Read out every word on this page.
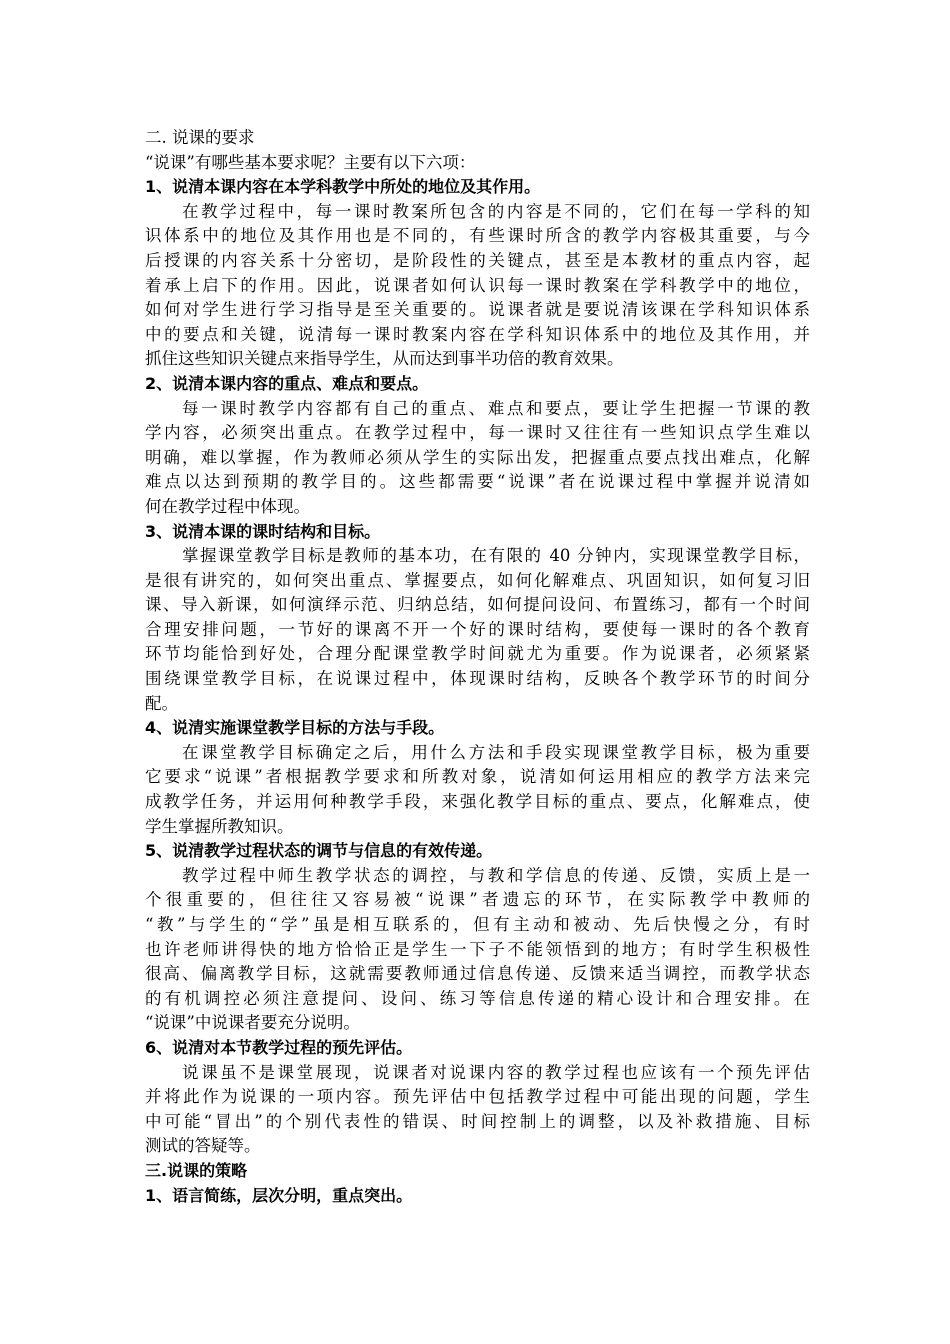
二. 说课的要求
“说课”有哪些基本要求呢？主要有以下六项：
1、说清本课内容在本学科教学中所处的地位及其作用。
在教学过程中，每一课时教案所包含的内容是不同的，它们在每一学科的知
识体系中的地位及其作用也是不同的，有些课时所含的教学内容极其重要，与今
后授课的内容关系十分密切，是阶段性的关键点，甚至是本教材的重点内容，起
着承上启下的作用。因此，说课者如何认识每一课时教案在学科教学中的地位，
如何对学生进行学习指导是至关重要的。说课者就是要说清该课在学科知识体系
中的要点和关键，说清每一课时教案内容在学科知识体系中的地位及其作用，并
抓住这些知识关键点来指导学生，从而达到事半功倍的教育效果。
2、说清本课内容的重点、难点和要点。
每一课时教学内容都有自己的重点、难点和要点，要让学生把握一节课的教
学内容，必须突出重点。在教学过程中，每一课时又往往有一些知识点学生难以
明确，难以掌握，作为教师必须从学生的实际出发，把握重点要点找出难点，化解
难点以达到预期的教学目的。这些都需要“说课”者在说课过程中掌握并说清如
何在教学过程中体现。
3、说清本课的课时结构和目标。
掌握课堂教学目标是教师的基本功，在有限的 40 分钟内，实现课堂教学目标，
是很有讲究的，如何突出重点、掌握要点，如何化解难点、巩固知识，如何复习旧
课、导入新课，如何演绎示范、归纳总结，如何提问设问、布置练习，都有一个时间
合理安排问题，一节好的课离不开一个好的课时结构，要使每一课时的各个教育
环节均能恰到好处，合理分配课堂教学时间就尤为重要。作为说课者，必须紧紧
围绕课堂教学目标，在说课过程中，体现课时结构，反映各个教学环节的时间分
配。
4、说清实施课堂教学目标的方法与手段。
在课堂教学目标确定之后，用什么方法和手段实现课堂教学目标，极为重要
它要求“说课”者根据教学要求和所教对象，说清如何运用相应的教学方法来完
成教学任务，并运用何种教学手段，来强化教学目标的重点、要点，化解难点，使
学生掌握所教知识。
5、说清教学过程状态的调节与信息的有效传递。
教学过程中师生教学状态的调控，与教和学信息的传递、反馈，实质上是一
个很重要的，但往往又容易被“说课”者遗忘的环节，在实际教学中教师的
“教”与学生的“学”虽是相互联系的，但有主动和被动、先后快慢之分，有时
也许老师讲得快的地方恰恰正是学生一下子不能领悟到的地方；有时学生积极性
很高、偏离教学目标，这就需要教师通过信息传递、反馈来适当调控，而教学状态
的有机调控必须注意提问、设问、练习等信息传递的精心设计和合理安排。在
“说课”中说课者要充分说明。
6、说清对本节教学过程的预先评估。
说课虽不是课堂展现，说课者对说课内容的教学过程也应该有一个预先评估
并将此作为说课的一项内容。预先评估中包括教学过程中可能出现的问题，学生
中可能“冒出”的个别代表性的错误、时间控制上的调整，以及补救措施、目标
测试的答疑等。
三.说课的策略
1、语言简练，层次分明，重点突出。
